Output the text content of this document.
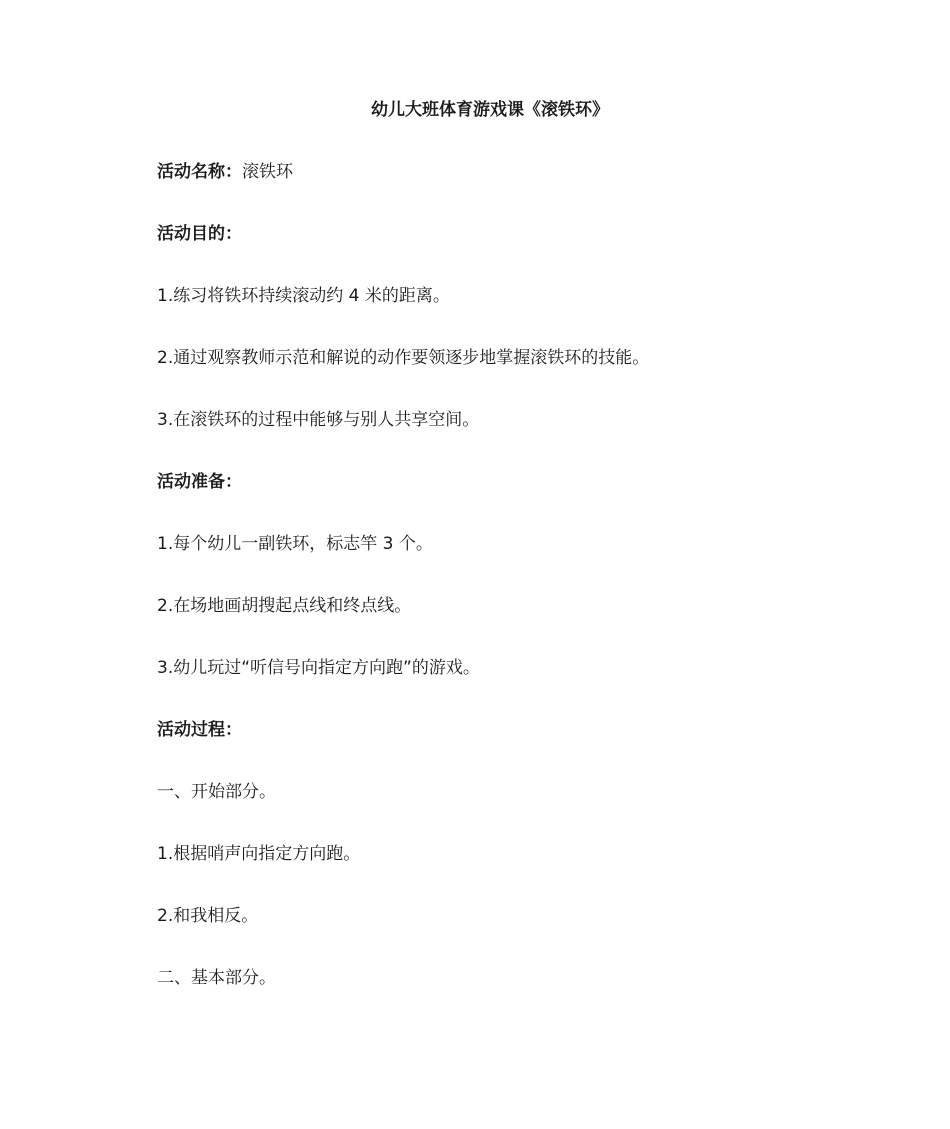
幼儿大班体育游戏课《滚铁环》
活动名称：滚铁环
活动目的：
1.练习将铁环持续滚动约 4 米的距离。
2.通过观察教师示范和解说的动作要领逐步地掌握滚铁环的技能。
3.在滚铁环的过程中能够与别人共享空间。
活动准备：
1.每个幼儿一副铁环，标志竿 3 个。
2.在场地画胡搜起点线和终点线。
3.幼儿玩过“听信号向指定方向跑”的游戏。
活动过程：
一、开始部分。
1.根据哨声向指定方向跑。
2.和我相反。
二、基本部分。
